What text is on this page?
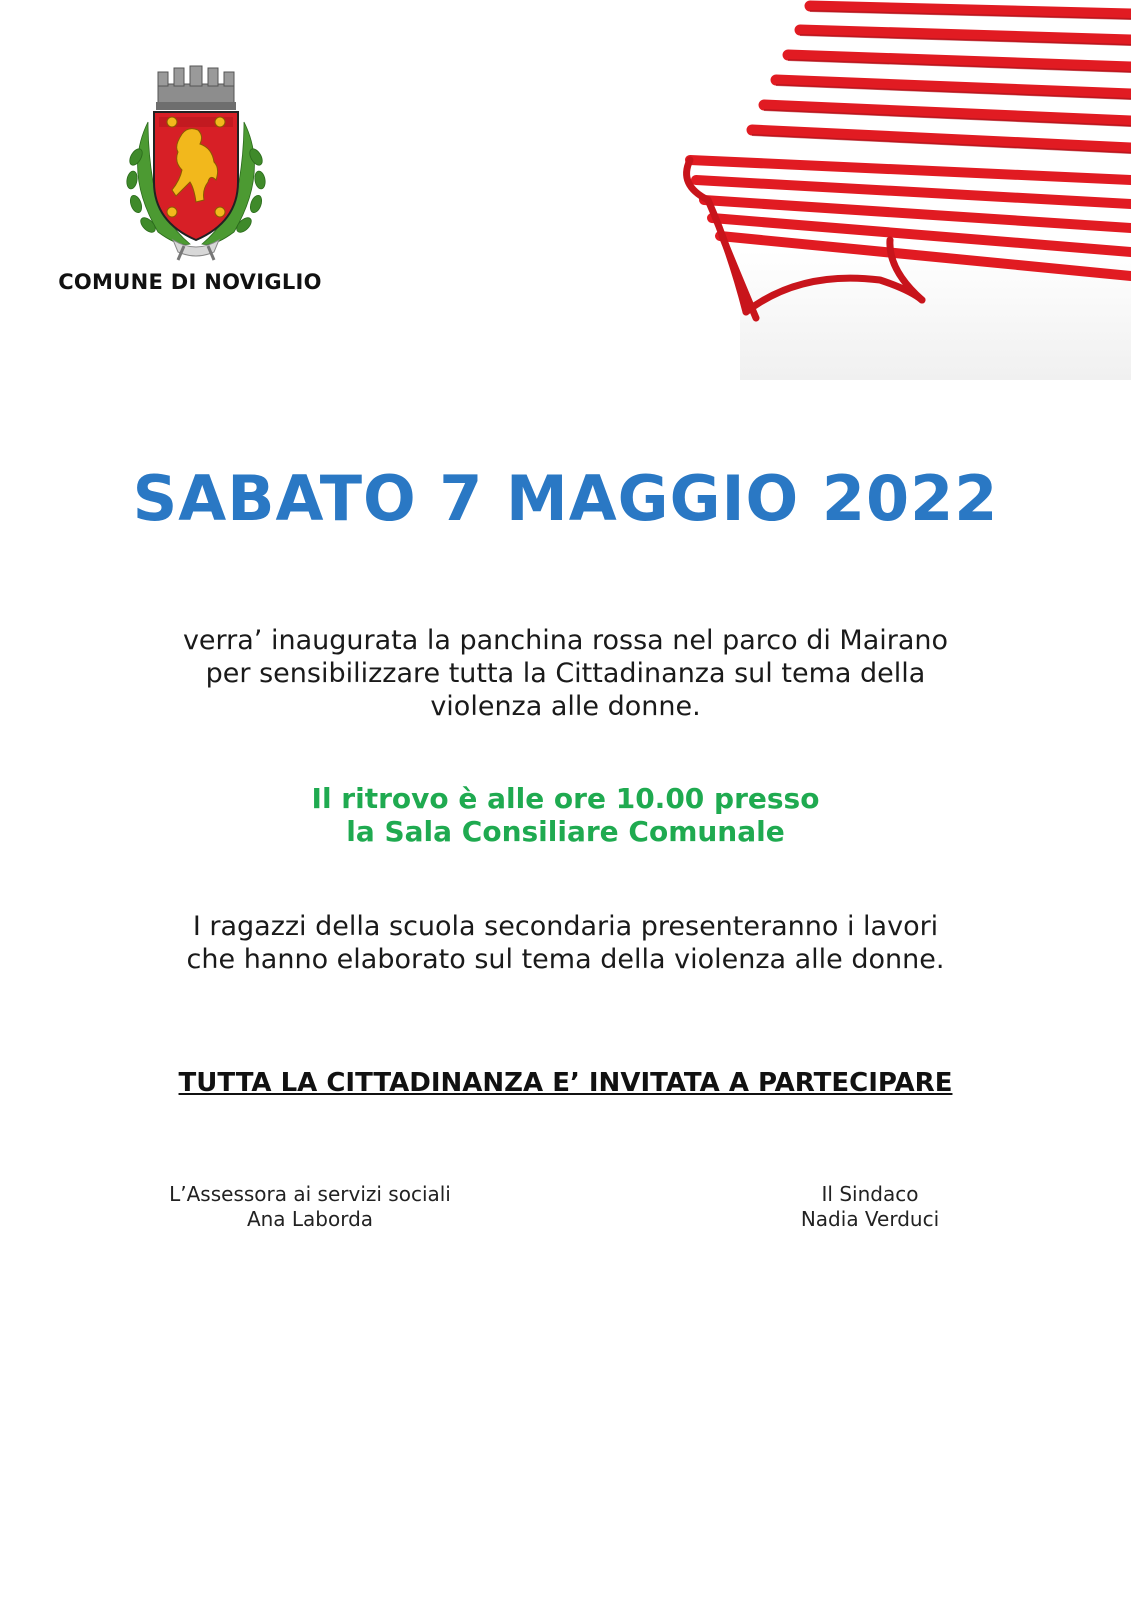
COMUNE DI NOVIGLIO
SABATO 7 MAGGIO 2022
verra’ inaugurata la panchina rossa nel parco di Mairano
per sensibilizzare tutta la Cittadinanza sul tema della
violenza alle donne.
Il ritrovo è alle ore 10.00 presso
la Sala Consiliare Comunale
I ragazzi della scuola secondaria presenteranno i lavori
che hanno elaborato sul tema della violenza alle donne.
TUTTA LA CITTADINANZA E’ INVITATA A PARTECIPARE
L’Assessora ai servizi sociali
Ana Laborda
Il Sindaco
Nadia Verduci
